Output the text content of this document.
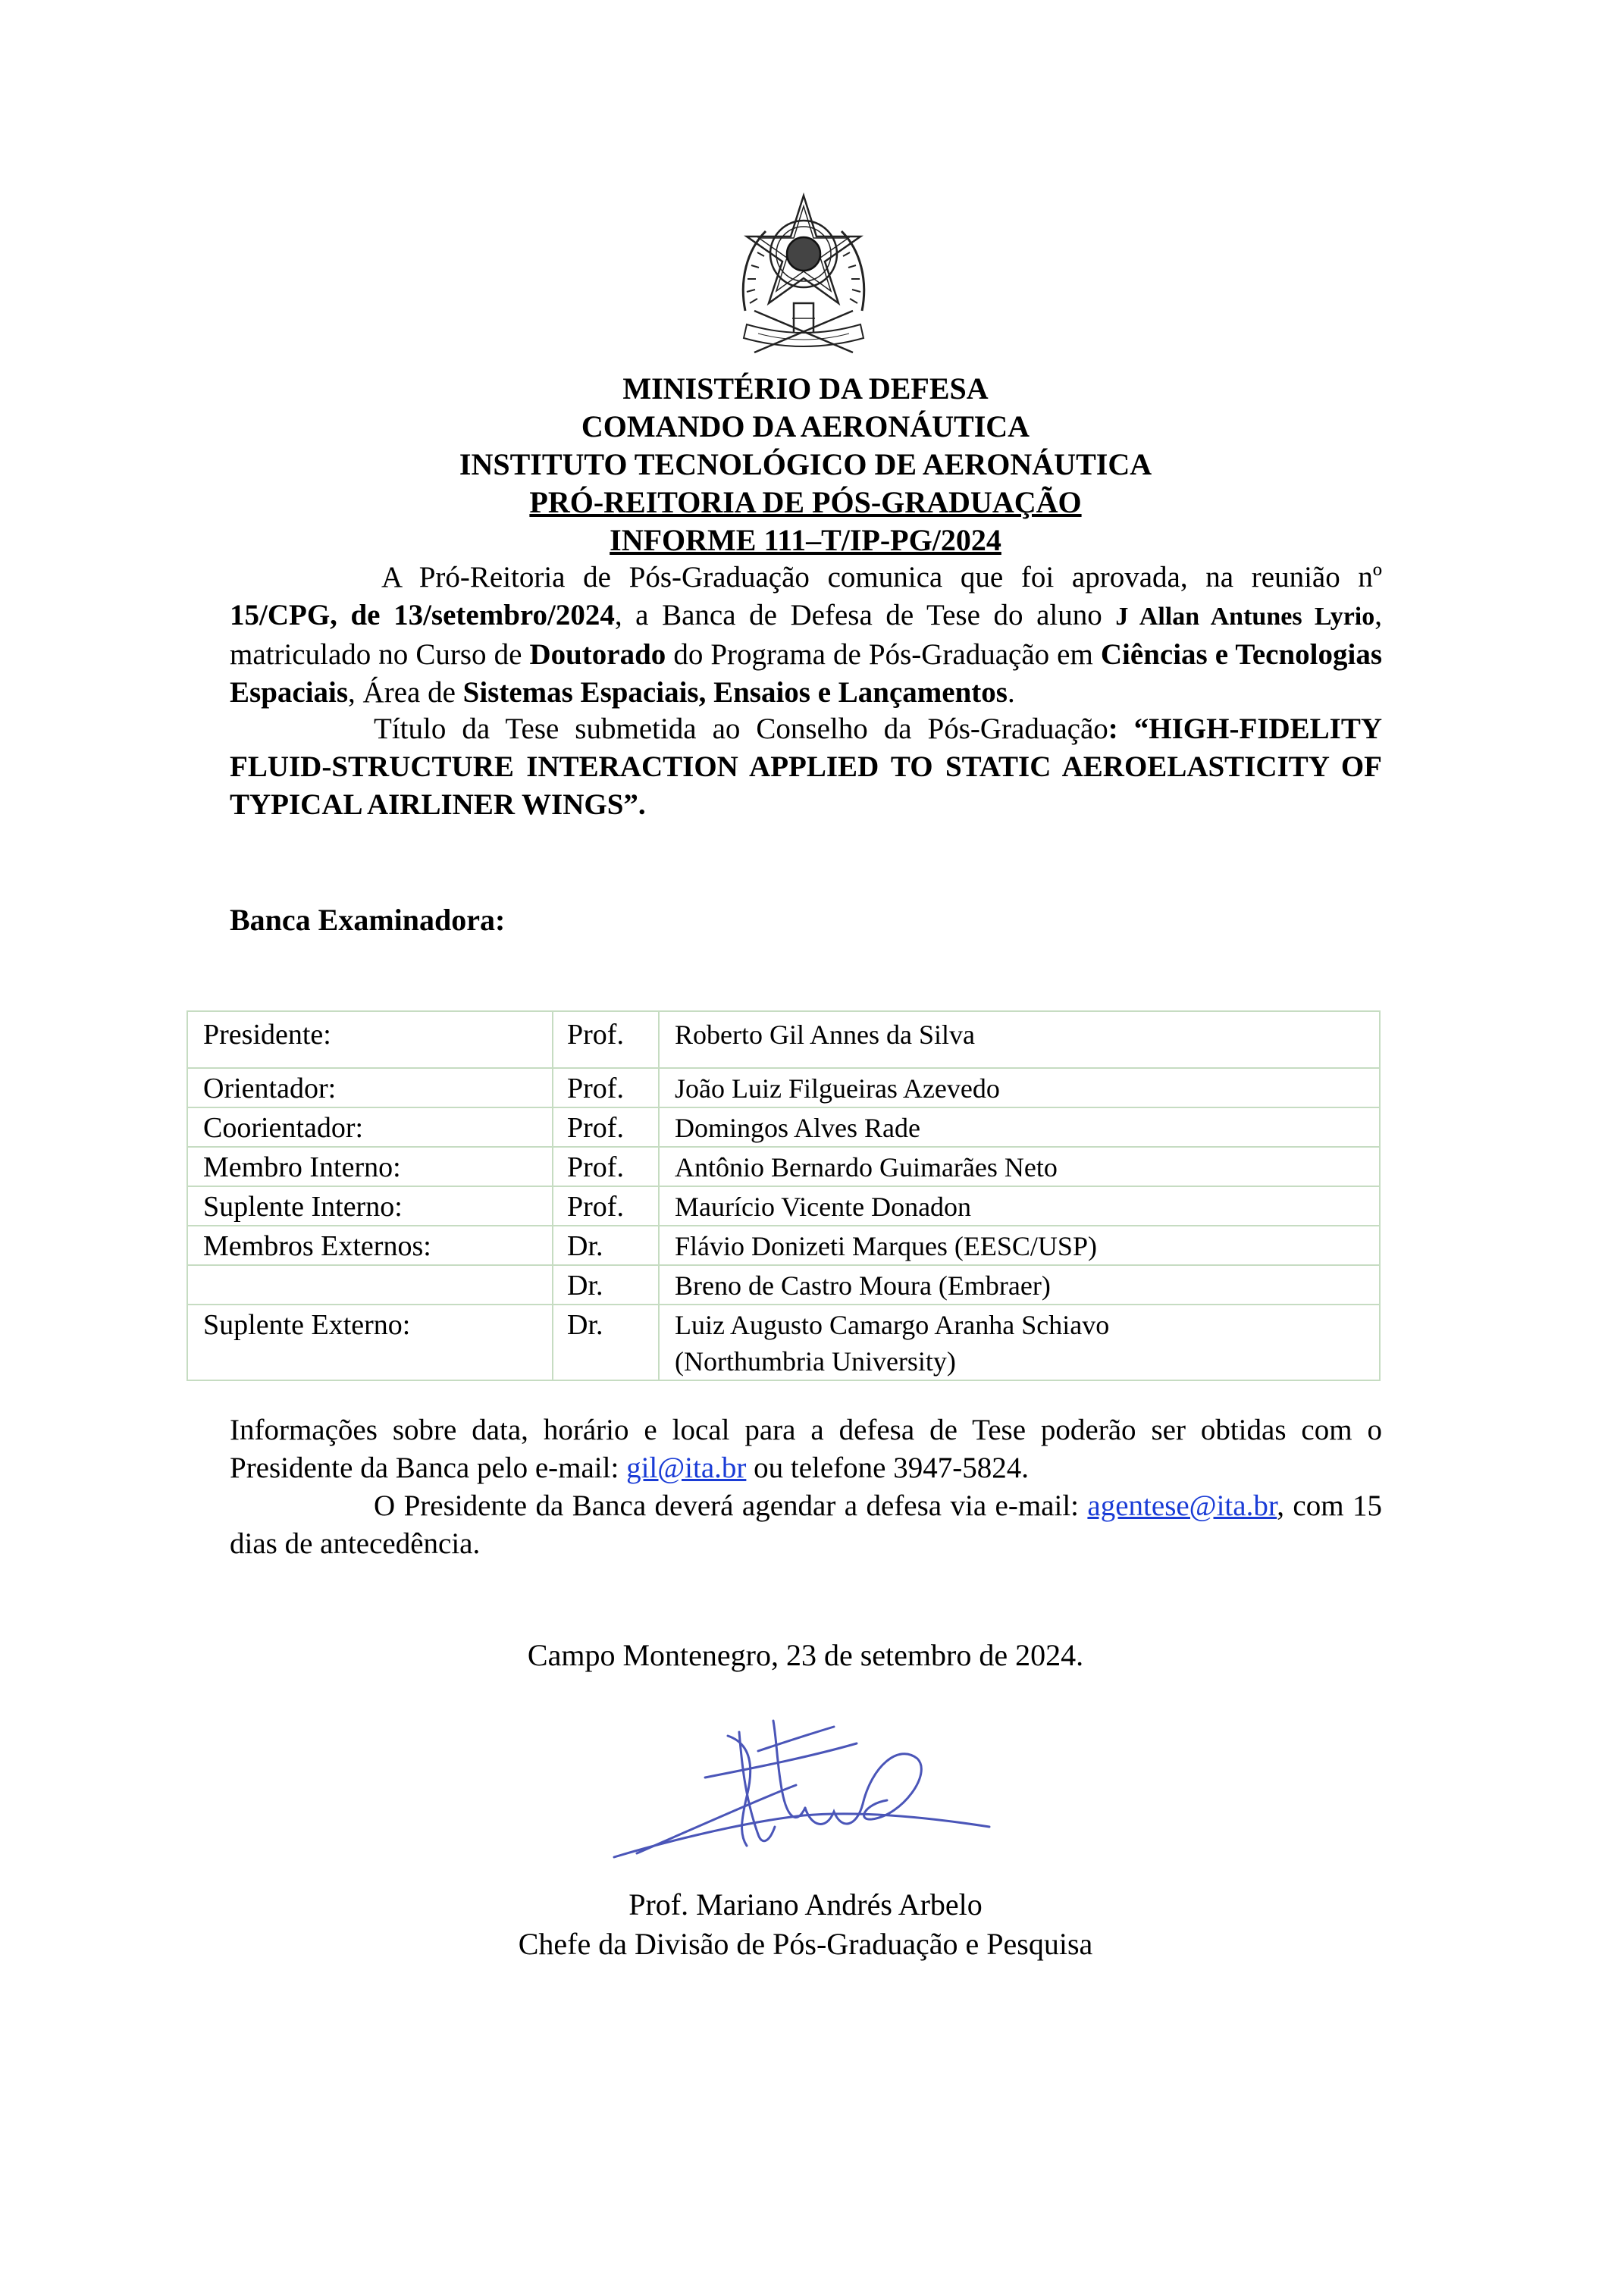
MINISTÉRIO DA DEFESA
COMANDO DA AERONÁUTICA
INSTITUTO TECNOLÓGICO DE AERONÁUTICA
PRÓ-REITORIA DE PÓS-GRADUAÇÃO
INFORME 111–T/IP-PG/2024
A Pró-Reitoria de Pós-Graduação comunica que foi aprovada, na reunião nº 15/CPG, de 13/setembro/2024, a Banca de Defesa de Tese do aluno J Allan Antunes Lyrio, matriculado no Curso de Doutorado do Programa de Pós-Graduação em Ciências e Tecnologias Espaciais, Área de Sistemas Espaciais, Ensaios e Lançamentos.
Título da Tese submetida ao Conselho da Pós-Graduação: “HIGH-FIDELITY FLUID-STRUCTURE INTERACTION APPLIED TO STATIC AEROELASTICITY OF TYPICAL AIRLINER WINGS”.
Banca Examinadora:
Presidente:	Prof.	Roberto Gil Annes da Silva

Orientador:	Prof.	João Luiz Filgueiras Azevedo

Coorientador:	Prof.	Domingos Alves Rade

Membro Interno:	Prof.	Antônio Bernardo Guimarães Neto

Suplente Interno:	Prof.	Maurício Vicente Donadon

Membros Externos:	Dr.	Flávio Donizeti Marques (EESC/USP)

	Dr.	Breno de Castro Moura (Embraer)

Suplente Externo:	Dr.	Luiz Augusto Camargo Aranha Schiavo
(Northumbria University)
Informações sobre data, horário e local para a defesa de Tese poderão ser obtidas com o Presidente da Banca pelo e-mail: gil@ita.br ou telefone 3947-5824.
O Presidente da Banca deverá agendar a defesa via e-mail: agentese@ita.br, com 15 dias de antecedência.
Campo Montenegro, 23 de setembro de 2024.
Prof. Mariano Andrés Arbelo
Chefe da Divisão de Pós-Graduação e Pesquisa
